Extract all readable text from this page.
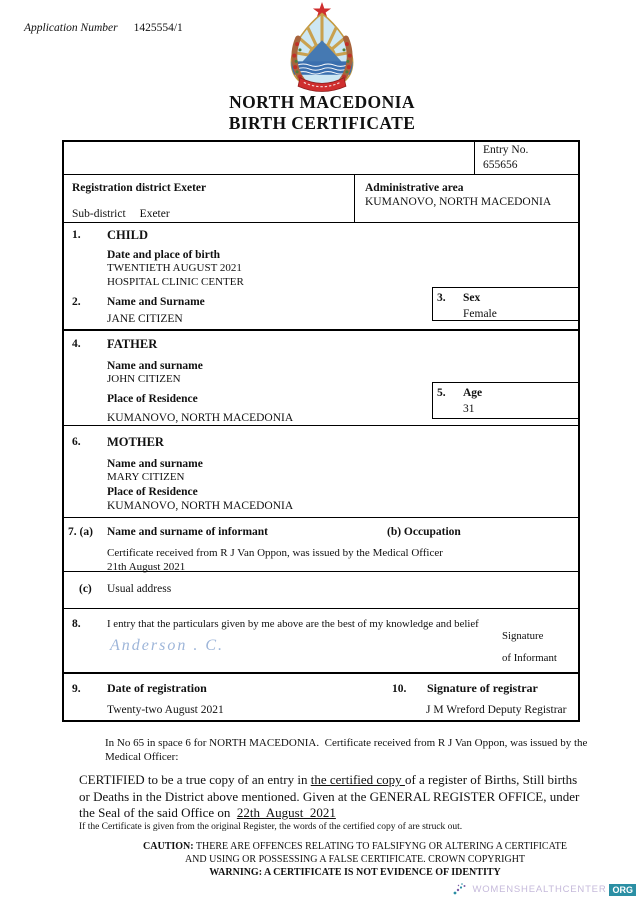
Application Number 1425554/1
NORTH MACEDONIA
BIRTH CERTIFICATE
Entry No.
655656
Registration district Exeter
Sub-district Exeter
Administrative area
KUMANOVO, NORTH MACEDONIA
1.	CHILD
Date and place of birth
TWENTIETH AUGUST 2021
HOSPITAL CLINIC CENTER
2.	Name and Surname
JANE CITIZEN
3.	Sex
Female
4.	FATHER
Name and surname
JOHN CITIZEN
Place of Residence
KUMANOVO, NORTH MACEDONIA
5.	Age
31
6.	MOTHER
Name and surname
MARY CITIZEN
Place of Residence
KUMANOVO, NORTH MACEDONIA
7. (a)	Name and surname of informant	(b) Occupation
Certificate received from R J Van Oppon, was issued by the Medical Officer
21th August 2021
(c)	Usual address
8.	I entry that the particulars given by me above are the best of my knowledge and belief
Anderson . C.
Signature
of Informant
9. Date of registration
Twenty-two August 2021
10. Signature of registrar
J M Wreford Deputy Registrar
In No 65 in space 6 for NORTH MACEDONIA.  Certificate received from R J Van Oppon, was issued by the
Medical Officer:
CERTIFIED to be a true copy of an entry in the certified copy of a register of Births, Still births
or Deaths in the District above mentioned. Given at the GENERAL REGISTER OFFICE, under
the Seal of the said Office on  22th  August  2021
If the Certificate is given from the original Register, the words of the certified copy of are struck out.
CAUTION: THERE ARE OFFENCES RELATING TO FALSIFYNG OR ALTERING A CERTIFICATE
AND USING OR POSSESSING A FALSE CERTIFICATE. CROWN COPYRIGHT
WARNING: A CERTIFICATE IS NOT EVIDENCE OF IDENTITY
WOMENSHEALTHCENTER ORG
